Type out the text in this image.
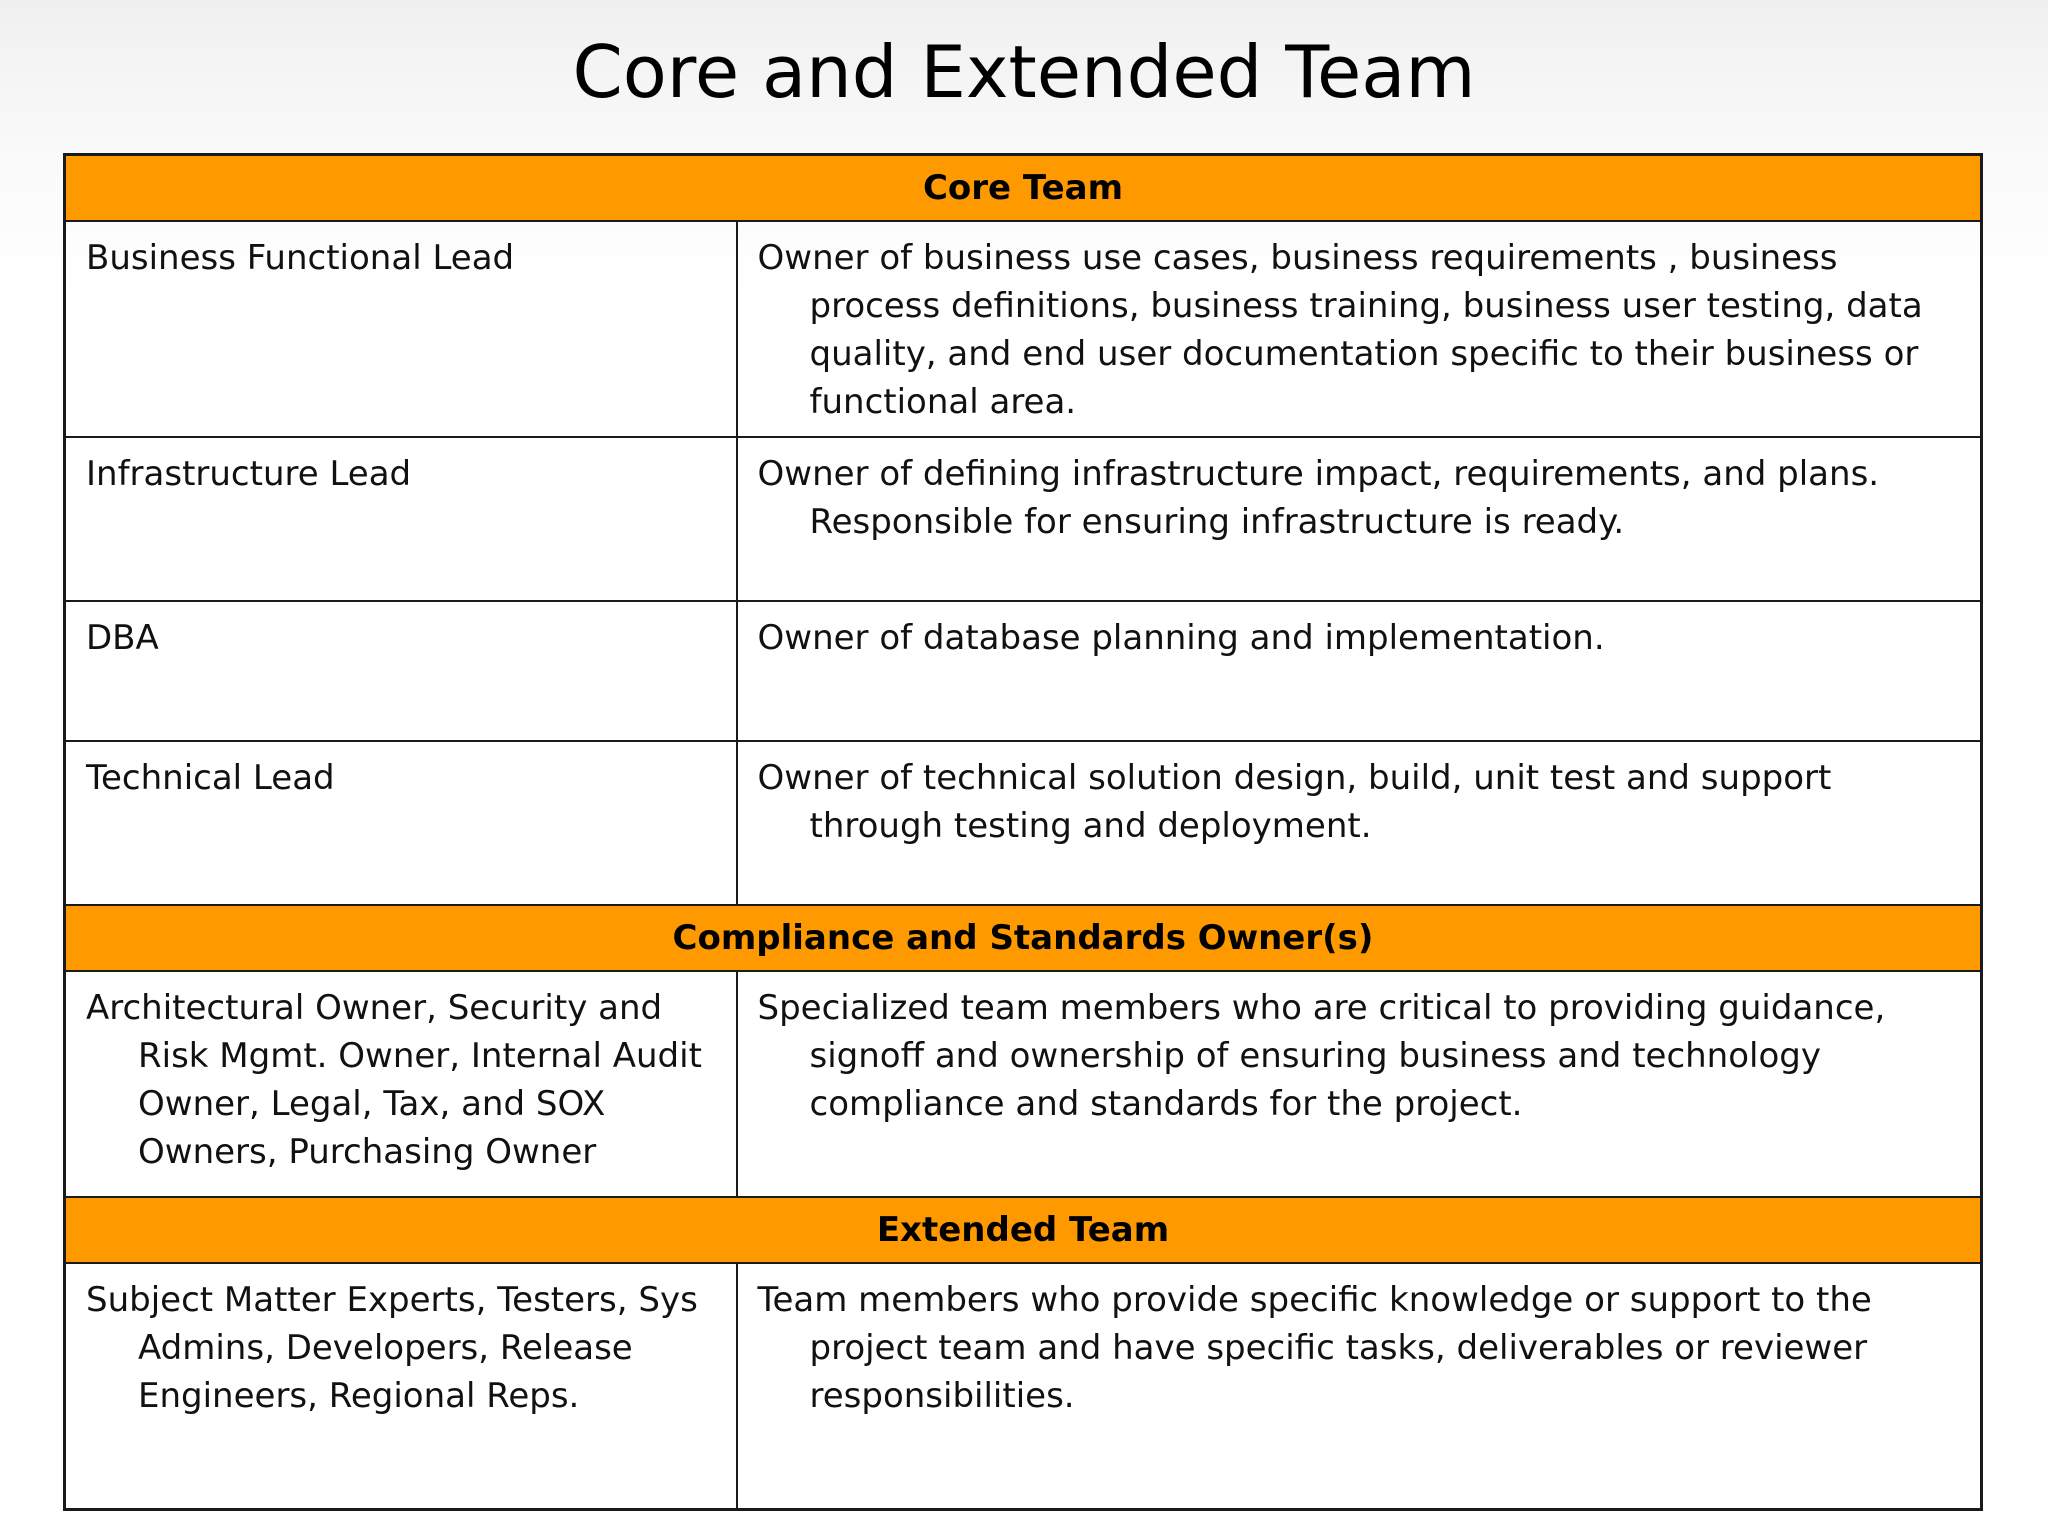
Core and Extended Team
Core Team	

Business Functional Lead	Owner of business use cases, business requirements , business process definitions, business training, business user testing, data quality, and end user documentation specific to their business or functional area.

Infrastructure Lead	Owner of defining infrastructure impact, requirements, and plans. Responsible for ensuring infrastructure is ready.

DBA	Owner of database planning and implementation.

Technical Lead	Owner of technical solution design, build, unit test and support through testing and deployment.

Compliance and Standards Owner(s)	

Architectural Owner, Security and Risk Mgmt. Owner, Internal Audit Owner, Legal, Tax, and SOX Owners, Purchasing Owner	Specialized team members who are critical to providing guidance, signoff and ownership of ensuring business and technology compliance and standards for the project.

Extended Team	

Subject Matter Experts, Testers, Sys Admins, Developers, Release Engineers, Regional Reps.	Team members who provide specific knowledge or support to the project team and have specific tasks, deliverables or reviewer responsibilities.
